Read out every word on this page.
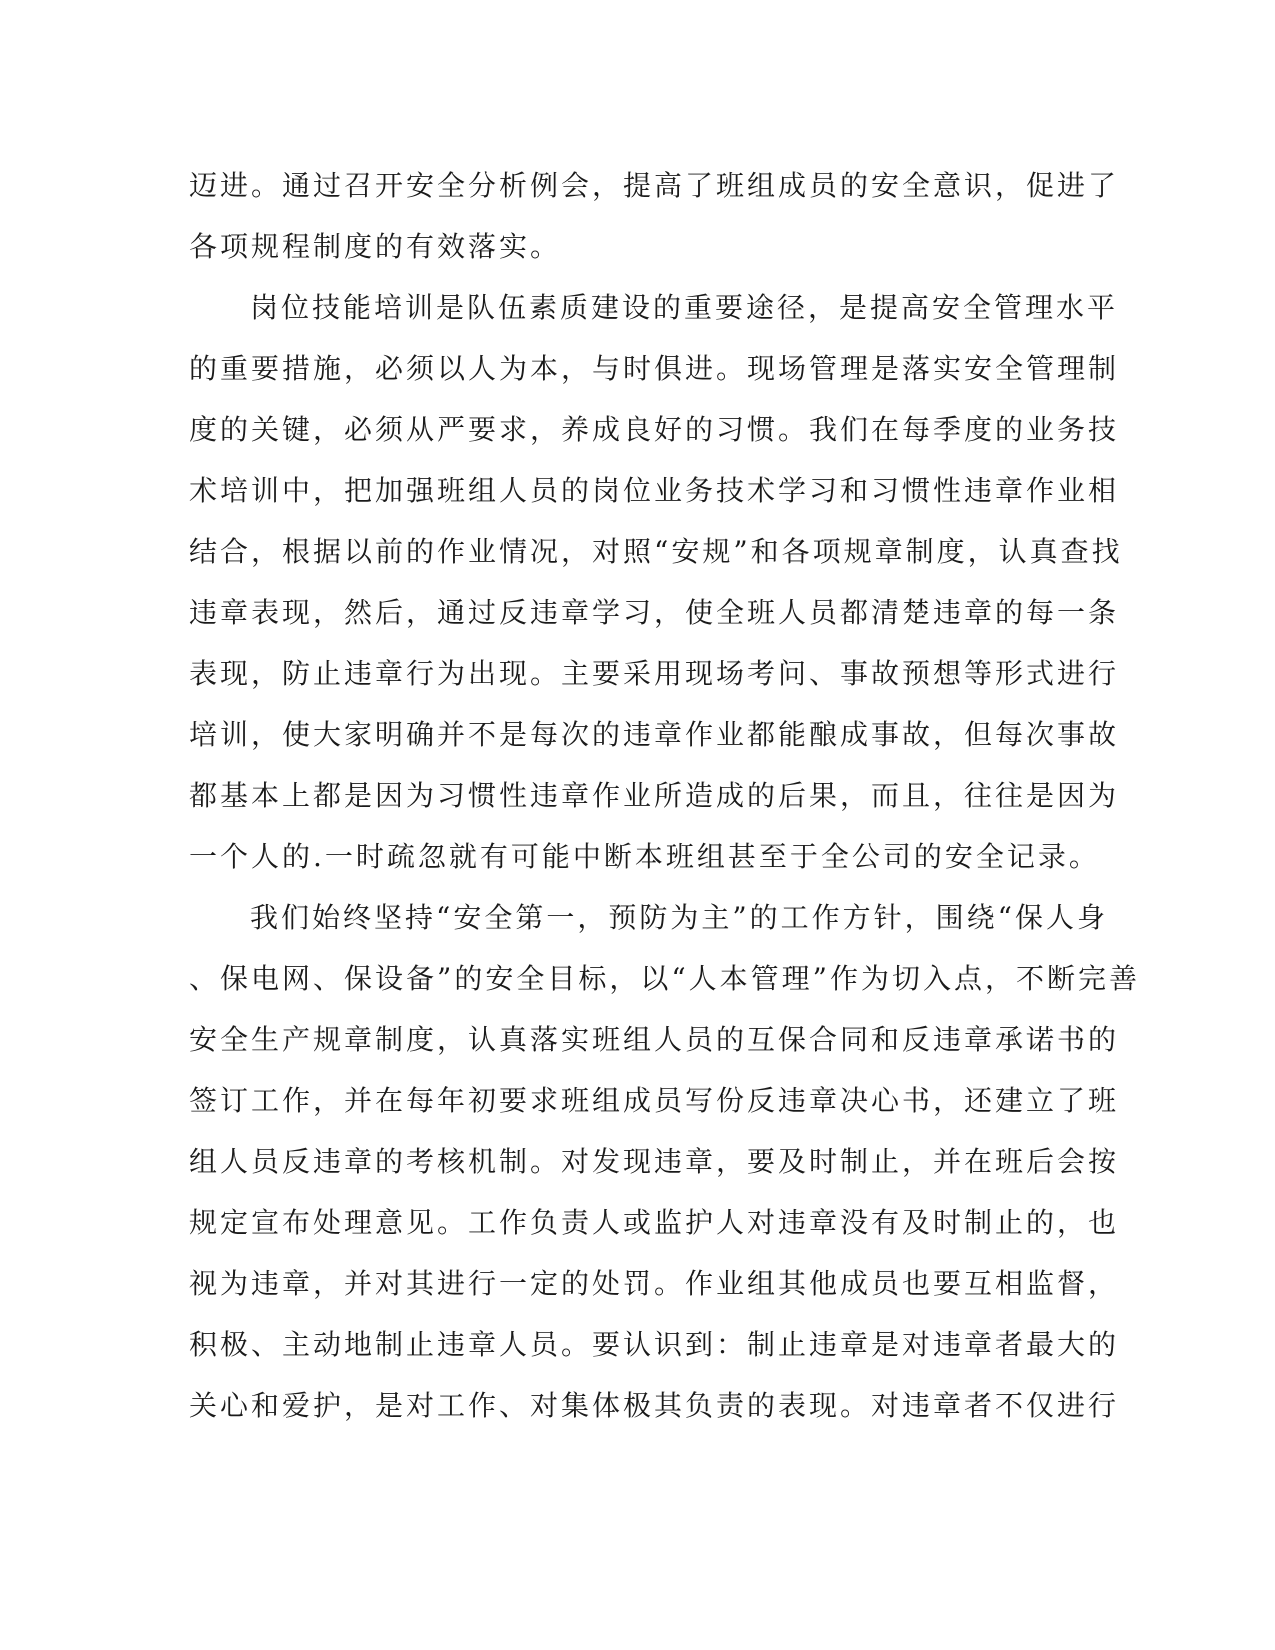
迈进。通过召开安全分析例会，提高了班组成员的安全意识，促进了
各项规程制度的有效落实。
岗位技能培训是队伍素质建设的重要途径，是提高安全管理水平
的重要措施，必须以人为本，与时俱进。现场管理是落实安全管理制
度的关键，必须从严要求，养成良好的习惯。我们在每季度的业务技
术培训中，把加强班组人员的岗位业务技术学习和习惯性违章作业相
结合，根据以前的作业情况，对照“安规”和各项规章制度，认真查找
违章表现，然后，通过反违章学习，使全班人员都清楚违章的每一条
表现，防止违章行为出现。主要采用现场考问、事故预想等形式进行
培训，使大家明确并不是每次的违章作业都能酿成事故，但每次事故
都基本上都是因为习惯性违章作业所造成的后果，而且，往往是因为
一个人的.一时疏忽就有可能中断本班组甚至于全公司的安全记录。
我们始终坚持“安全第一，预防为主”的工作方针，围绕“保人身
、保电网、保设备”的安全目标，以“人本管理”作为切入点，不断完善
安全生产规章制度，认真落实班组人员的互保合同和反违章承诺书的
签订工作，并在每年初要求班组成员写份反违章决心书，还建立了班
组人员反违章的考核机制。对发现违章，要及时制止，并在班后会按
规定宣布处理意见。工作负责人或监护人对违章没有及时制止的，也
视为违章，并对其进行一定的处罚。作业组其他成员也要互相监督，
积极、主动地制止违章人员。要认识到：制止违章是对违章者最大的
关心和爱护，是对工作、对集体极其负责的表现。对违章者不仅进行
